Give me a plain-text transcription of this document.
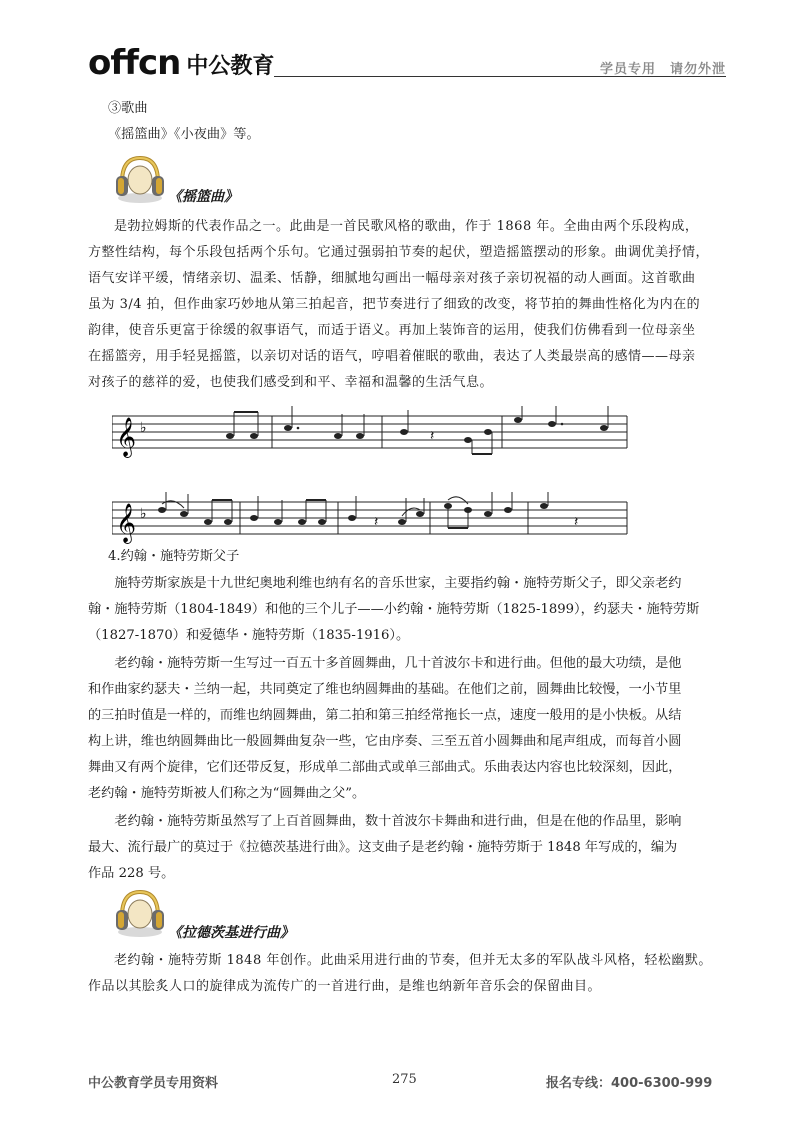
offcn 中公教育	学员专用　请勿外泄
③歌曲
《摇篮曲》《小夜曲》等。
《摇篮曲》
是勃拉姆斯的代表作品之一。此曲是一首民歌风格的歌曲，作于 1868 年。全曲由两个乐段构成，
方整性结构，每个乐段包括两个乐句。它通过强弱拍节奏的起伏，塑造摇篮摆动的形象。曲调优美抒情，
语气安详平缓，情绪亲切、温柔、恬静，细腻地勾画出一幅母亲对孩子亲切祝福的动人画面。这首歌曲
虽为 3/4 拍，但作曲家巧妙地从第三拍起音，把节奏进行了细致的改变，将节拍的舞曲性格化为内在的
韵律，使音乐更富于徐缓的叙事语气，而适于语义。再加上装饰音的运用，使我们仿佛看到一位母亲坐
在摇篮旁，用手轻晃摇篮，以亲切对话的语气，哼唱着催眠的歌曲，表达了人类最崇高的感情——母亲
对孩子的慈祥的爱，也使我们感受到和平、幸福和温馨的生活气息。
𝄞 ♭	𝄽
𝄞 ♭	𝄽	𝄽
4.约翰・施特劳斯父子
施特劳斯家族是十九世纪奥地利维也纳有名的音乐世家，主要指约翰・施特劳斯父子，即父亲老约
翰・施特劳斯（1804-1849）和他的三个儿子——小约翰・施特劳斯（1825-1899），约瑟夫・施特劳斯
（1827-1870）和爱德华・施特劳斯（1835-1916）。
老约翰・施特劳斯一生写过一百五十多首圆舞曲，几十首波尔卡和进行曲。但他的最大功绩，是他
和作曲家约瑟夫・兰纳一起，共同奠定了维也纳圆舞曲的基础。在他们之前，圆舞曲比较慢，一小节里
的三拍时值是一样的，而维也纳圆舞曲，第二拍和第三拍经常拖长一点，速度一般用的是小快板。从结
构上讲，维也纳圆舞曲比一般圆舞曲复杂一些，它由序奏、三至五首小圆舞曲和尾声组成，而每首小圆
舞曲又有两个旋律，它们还带反复，形成单二部曲式或单三部曲式。乐曲表达内容也比较深刻，因此，
老约翰・施特劳斯被人们称之为“圆舞曲之父”。
老约翰・施特劳斯虽然写了上百首圆舞曲，数十首波尔卡舞曲和进行曲，但是在他的作品里，影响
最大、流行最广的莫过于《拉德茨基进行曲》。这支曲子是老约翰・施特劳斯于 1848 年写成的，编为
作品 228 号。
《拉德茨基进行曲》
老约翰・施特劳斯 1848 年创作。此曲采用进行曲的节奏，但并无太多的军队战斗风格，轻松幽默。
作品以其脍炙人口的旋律成为流传广的一首进行曲，是维也纳新年音乐会的保留曲目。
中公教育学员专用资料	275	报名专线：400-6300-999
